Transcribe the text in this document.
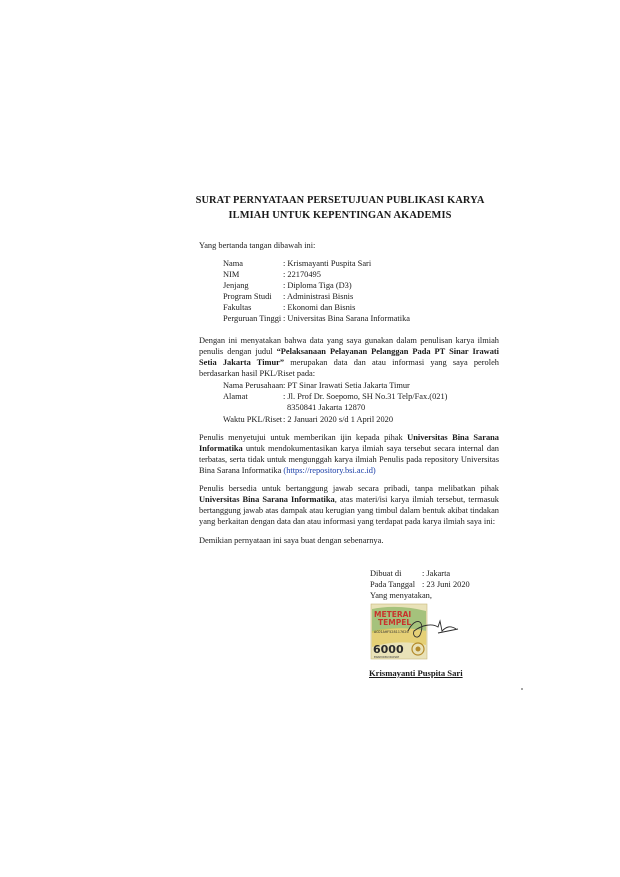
SURAT PERNYATAAN PERSETUJUAN PUBLIKASI KARYA
ILMIAH UNTUK KEPENTINGAN AKADEMIS
Yang bertanda tangan dibawah ini:
Nama	: Krismayanti Puspita Sari
NIM	: 22170495
Jenjang	: Diploma Tiga (D3)
Program Studi : Administrasi Bisnis
Fakultas	: Ekonomi dan Bisnis
Perguruan Tinggi : Universitas Bina Sarana Informatika
Dengan ini menyatakan bahwa data yang saya gunakan dalam penulisan karya ilmiah
penulis dengan judul “Pelaksanaan Pelayanan Pelanggan Pada PT Sinar Irawati
Setia Jakarta Timur” merupakan data dan atau informasi yang saya peroleh
berdasarkan hasil PKL/Riset pada:
Nama Perusahaan : PT Sinar Irawati Setia Jakarta Timur
Alamat	: Jl. Prof Dr. Soepomo, SH No.31 Telp/Fax.(021)
8350841 Jakarta 12870
Waktu PKL/Riset : 2 Januari 2020 s/d 1 April 2020
Penulis menyetujui untuk memberikan ijin kepada pihak Universitas Bina Sarana
Informatika untuk mendokumentasikan karya ilmiah saya tersebut secara internal dan
terbatas, serta tidak untuk mengunggah karya ilmiah Penulis pada repository Universitas
Bina Sarana Informatika (https://repository.bsi.ac.id)
Penulis bersedia untuk bertanggung jawab secara pribadi, tanpa melibatkan pihak
Universitas Bina Sarana Informatika, atas materi/isi karya ilmiah tersebut, termasuk
bertanggung jawab atas dampak atau kerugian yang timbul dalam bentuk akibat tindakan
yang berkaitan dengan data dan atau informasi yang terdapat pada karya ilmiah saya ini:
Demikian pernyataan ini saya buat dengan sebenarnya.
Dibuat di : Jakarta
Pada Tanggal : 23 Juni 2020
Yang menyatakan,
METERAI
TEMPEL
ACD1AHF528117626
6000
ENAM RIBU RUPIAH
Krismayanti Puspita Sari
